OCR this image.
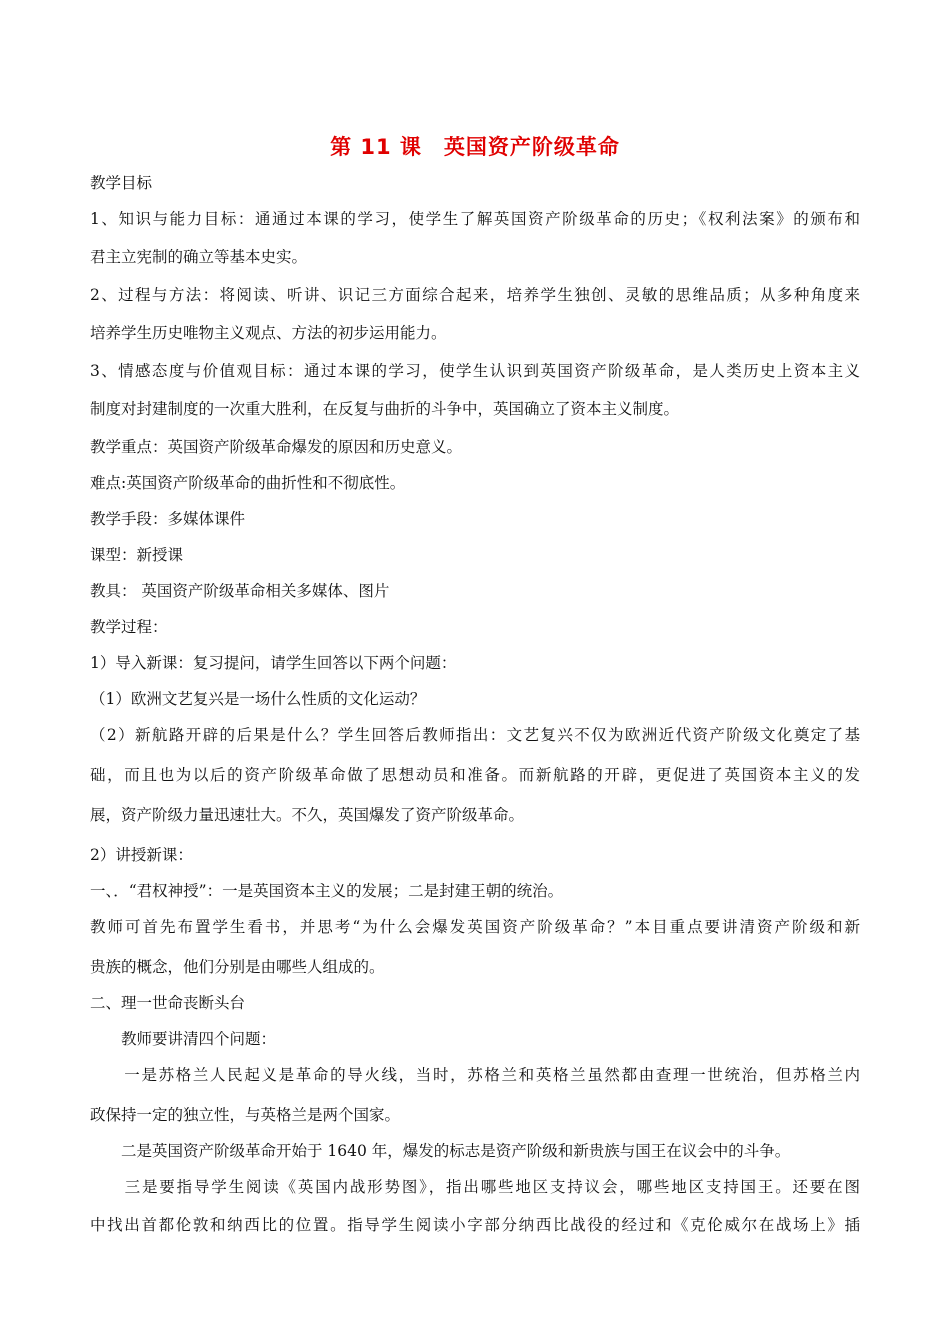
第 11 课　英国资产阶级革命
教学目标
1、知识与能力目标：通通过本课的学习，使学生了解英国资产阶级革命的历史；《权利法案》的颁布和
君主立宪制的确立等基本史实。
2、过程与方法：将阅读、听讲、识记三方面综合起来，培养学生独创、灵敏的思维品质；从多种角度来
培养学生历史唯物主义观点、方法的初步运用能力。
3、情感态度与价值观目标：通过本课的学习，使学生认识到英国资产阶级革命，是人类历史上资本主义
制度对封建制度的一次重大胜利，在反复与曲折的斗争中，英国确立了资本主义制度。
教学重点：英国资产阶级革命爆发的原因和历史意义。
难点:英国资产阶级革命的曲折性和不彻底性。
教学手段：多媒体课件
课型：新授课
教具： 英国资产阶级革命相关多媒体、图片
教学过程：
1）导入新课：复习提问，请学生回答以下两个问题：
（1）欧洲文艺复兴是一场什么性质的文化运动？
（2）新航路开辟的后果是什么？学生回答后教师指出：文艺复兴不仅为欧洲近代资产阶级文化奠定了基
础，而且也为以后的资产阶级革命做了思想动员和准备。而新航路的开辟，更促进了英国资本主义的发
展，资产阶级力量迅速壮大。不久，英国爆发了资产阶级革命。
2）讲授新课：
一、．“君权神授”：一是英国资本主义的发展；二是封建王朝的统治。
教师可首先布置学生看书，并思考“为什么会爆发英国资产阶级革命？”本目重点要讲清资产阶级和新
贵族的概念，他们分别是由哪些人组成的。
二、理一世命丧断头台
　　教师要讲清四个问题：
　　一是苏格兰人民起义是革命的导火线，当时，苏格兰和英格兰虽然都由查理一世统治，但苏格兰内
政保持一定的独立性，与英格兰是两个国家。
　　二是英国资产阶级革命开始于 1640 年，爆发的标志是资产阶级和新贵族与国王在议会中的斗争。
　　三是要指导学生阅读《英国内战形势图》，指出哪些地区支持议会，哪些地区支持国王。还要在图
中找出首都伦敦和纳西比的位置。指导学生阅读小字部分纳西比战役的经过和《克伦威尔在战场上》插
